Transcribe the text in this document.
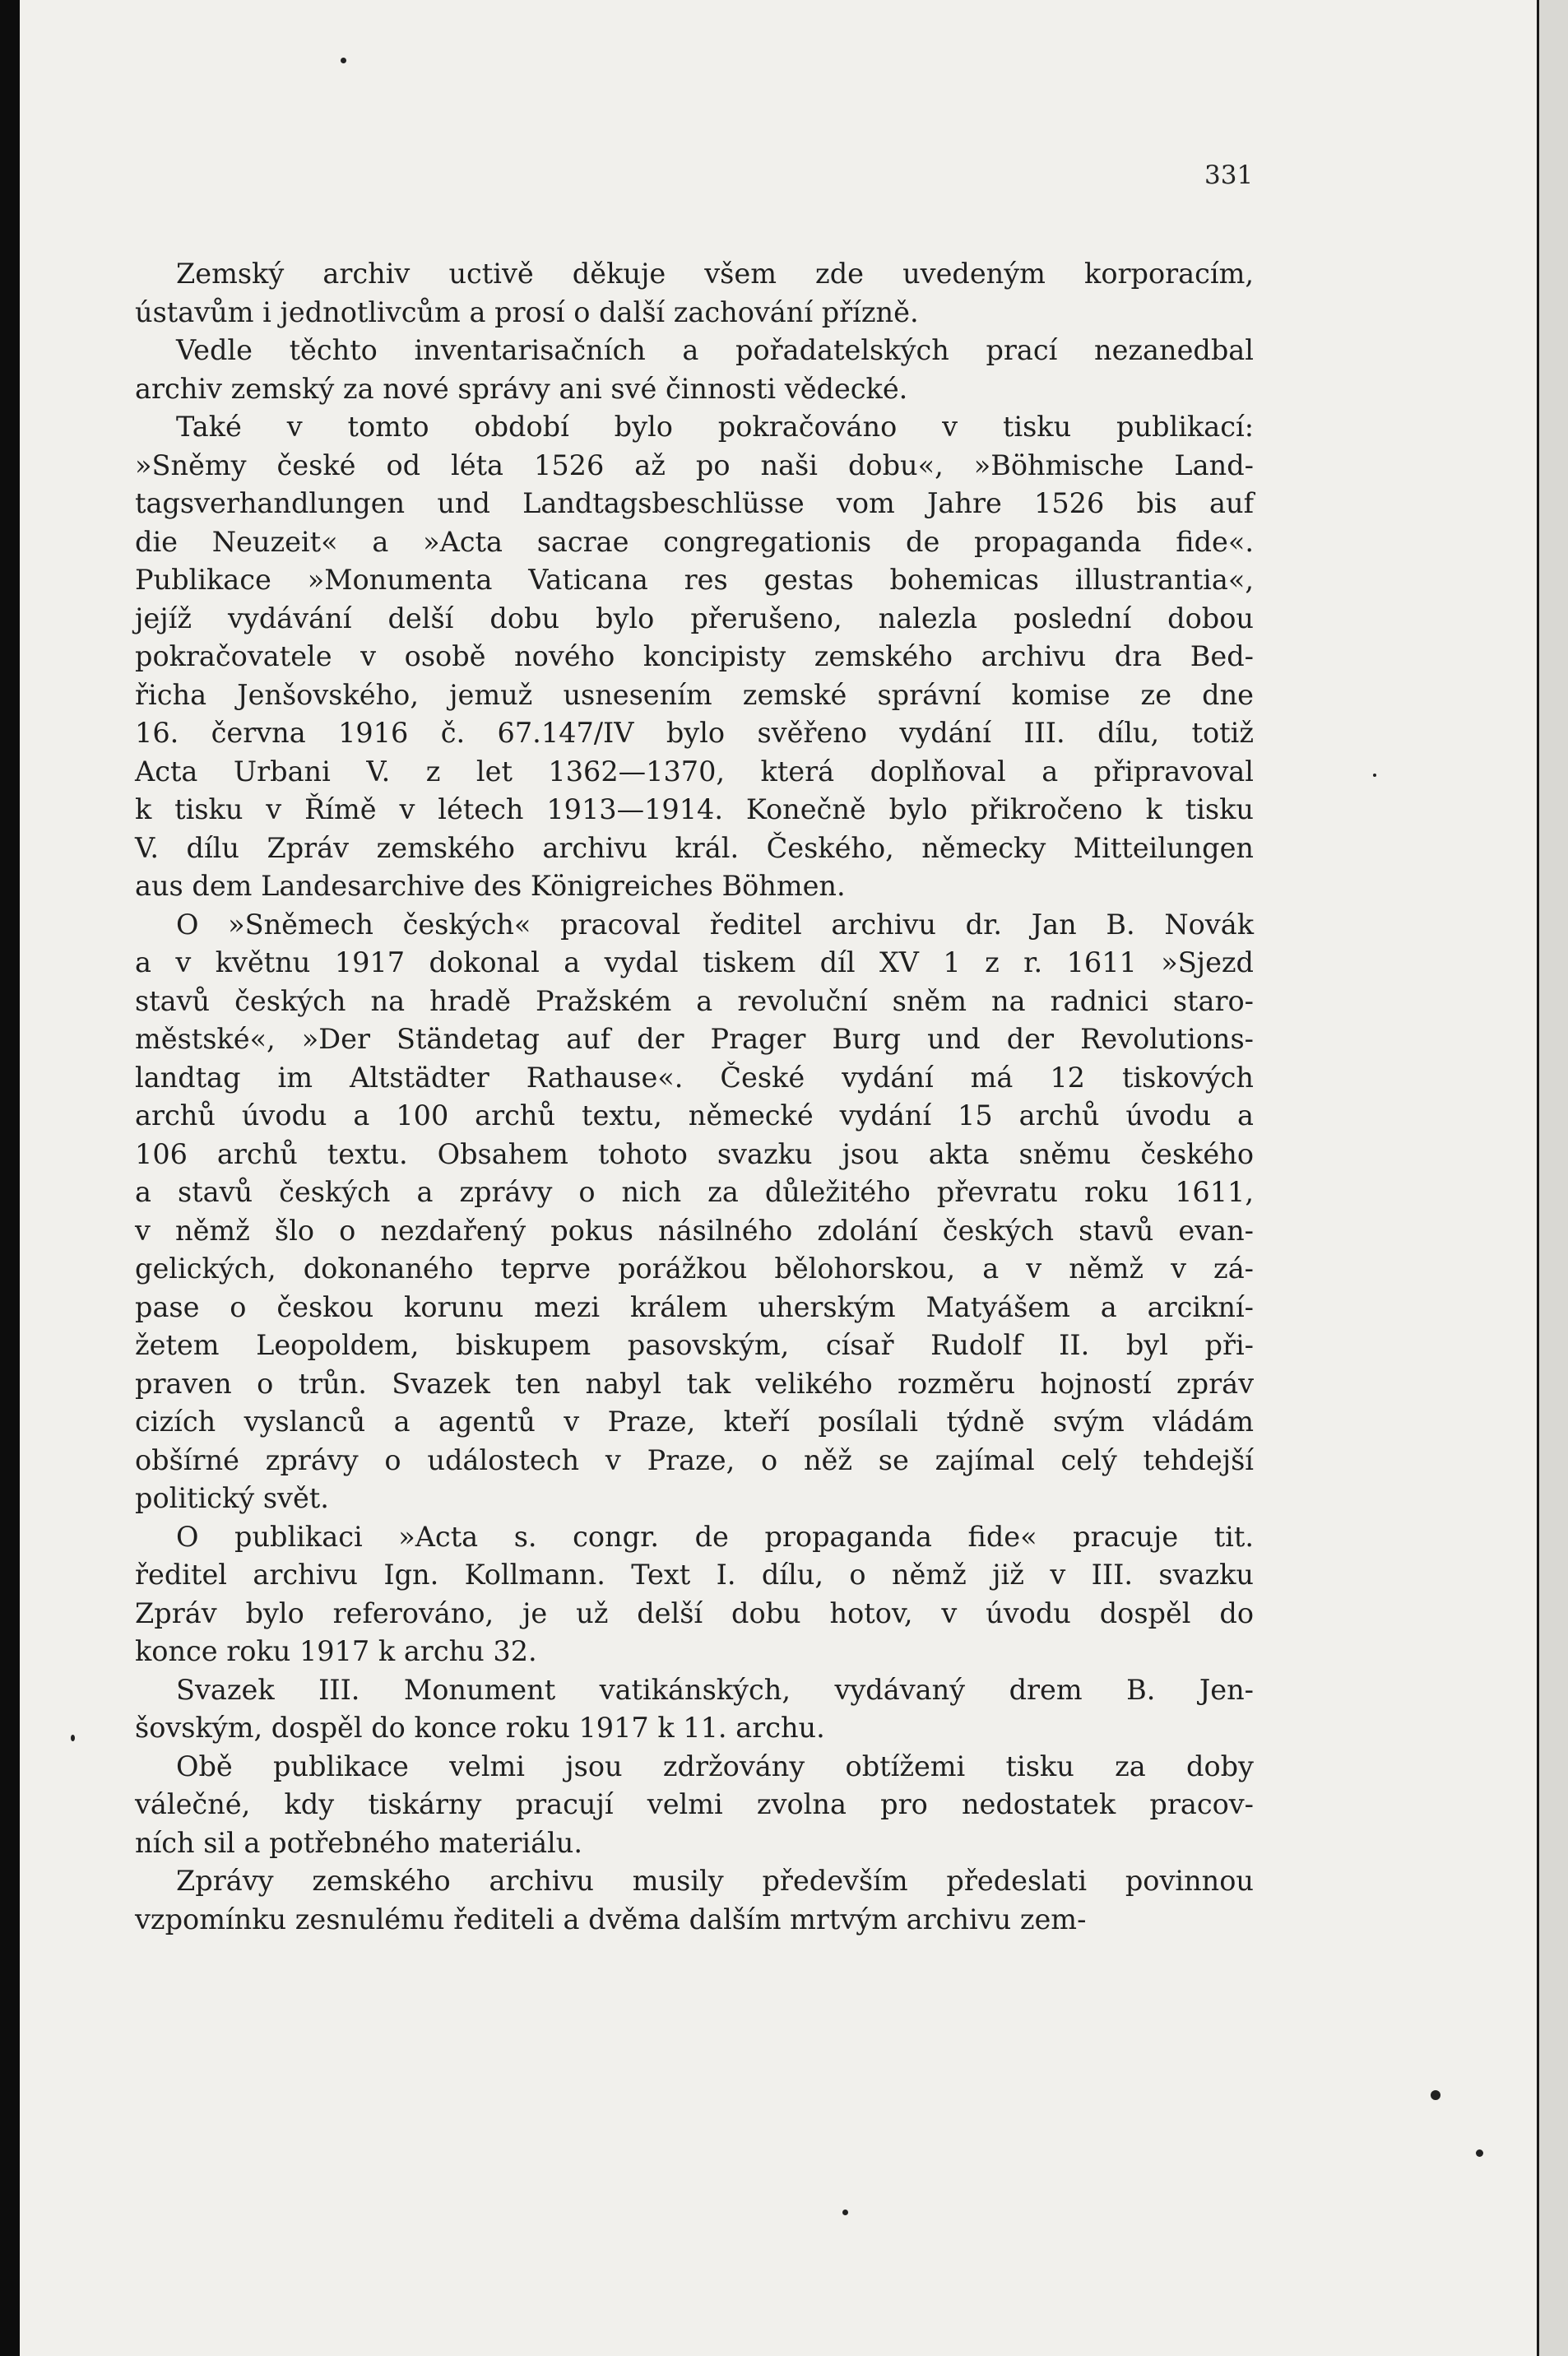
331
Zemský archiv uctivě děkuje všem zde uvedeným korporacím,
ústavům i jednotlivcům a prosí o další zachování přízně.
Vedle těchto inventarisačních a pořadatelských prací nezanedbal
archiv zemský za nové správy ani své činnosti vědecké.
Také v tomto období bylo pokračováno v tisku publikací:
»Sněmy české od léta 1526 až po naši dobu«, »Böhmische Land-
tagsverhandlungen und Landtagsbeschlüsse vom Jahre 1526 bis auf
die Neuzeit« a »Acta sacrae congregationis de propaganda fide«.
Publikace »Monumenta Vaticana res gestas bohemicas illustrantia«,
jejíž vydávání delší dobu bylo přerušeno, nalezla poslední dobou
pokračovatele v osobě nového koncipisty zemského archivu dra Bed-
řicha Jenšovského, jemuž usnesením zemské správní komise ze dne
16. června 1916 č. 67.147/IV bylo svěřeno vydání III. dílu, totiž
Acta Urbani V. z let 1362—1370, která doplňoval a připravoval
k tisku v Římě v létech 1913—1914. Konečně bylo přikročeno k tisku
V. dílu Zpráv zemského archivu král. Českého, německy Mitteilungen
aus dem Landesarchive des Königreiches Böhmen.
O »Sněmech českých« pracoval ředitel archivu dr. Jan B. Novák
a v květnu 1917 dokonal a vydal tiskem díl XV 1 z r. 1611 »Sjezd
stavů českých na hradě Pražském a revoluční sněm na radnici staro-
městské«, »Der Ständetag auf der Prager Burg und der Revolutions-
landtag im Altstädter Rathause«. České vydání má 12 tiskových
archů úvodu a 100 archů textu, německé vydání 15 archů úvodu a
106 archů textu. Obsahem tohoto svazku jsou akta sněmu českého
a stavů českých a zprávy o nich za důležitého převratu roku 1611,
v němž šlo o nezdařený pokus násilného zdolání českých stavů evan-
gelických, dokonaného teprve porážkou bělohorskou, a v němž v zá-
pase o českou korunu mezi králem uherským Matyášem a arcikní-
žetem Leopoldem, biskupem pasovským, císař Rudolf II. byl při-
praven o trůn. Svazek ten nabyl tak velikého rozměru hojností zpráv
cizích vyslanců a agentů v Praze, kteří posílali týdně svým vládám
obšírné zprávy o událostech v Praze, o něž se zajímal celý tehdejší
politický svět.
O publikaci »Acta s. congr. de propaganda fide« pracuje tit.
ředitel archivu Ign. Kollmann. Text I. dílu, o němž již v III. svazku
Zpráv bylo referováno, je už delší dobu hotov, v úvodu dospěl do
konce roku 1917 k archu 32.
Svazek III. Monument vatikánských, vydávaný drem B. Jen-
šovským, dospěl do konce roku 1917 k 11. archu.
Obě publikace velmi jsou zdržovány obtížemi tisku za doby
válečné, kdy tiskárny pracují velmi zvolna pro nedostatek pracov-
ních sil a potřebného materiálu.
Zprávy zemského archivu musily především předeslati povinnou
vzpomínku zesnulému řediteli a dvěma dalším mrtvým archivu zem-
